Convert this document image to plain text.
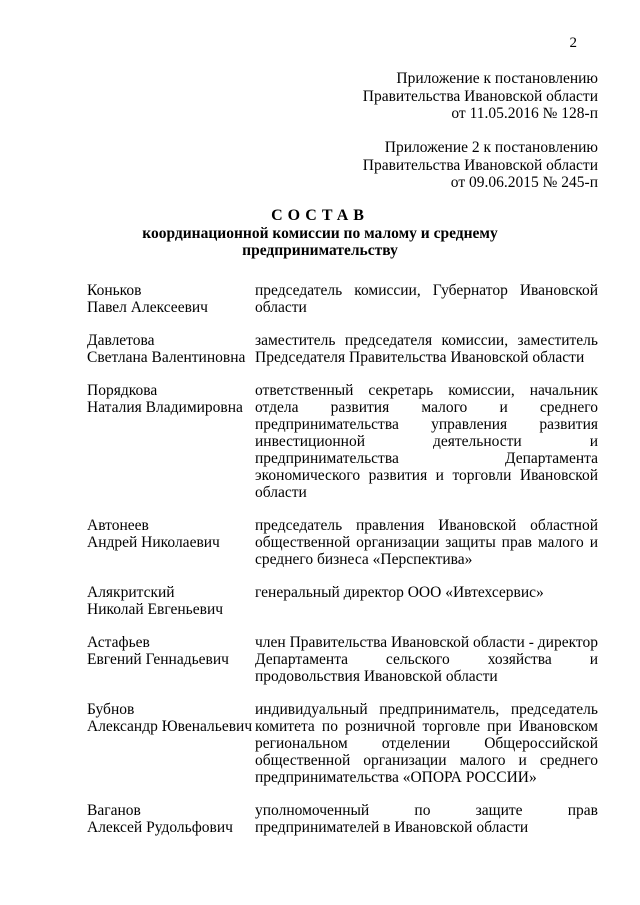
2
Приложение к постановлению
Правительства Ивановской области
от 11.05.2016 № 128-п
Приложение 2 к постановлению
Правительства Ивановской области
от 09.06.2015 № 245-п
СОСТАВ
координационной комиссии по малому и среднему
предпринимательству
Коньков
Павел Алексеевич
председатель комиссии, Губернатор Ивановской области
Давлетова
Светлана Валентиновна
заместитель председателя комиссии, заместитель Председателя Правительства Ивановской области
Порядкова
Наталия Владимировна
ответственный секретарь комиссии, начальник отдела развития малого и среднего предпринимательства управления развития инвестиционной деятельности и предпринимательства Департамента экономического развития и торговли Ивановской области
Автонеев
Андрей Николаевич
председатель правления Ивановской областной общественной организации защиты прав малого и среднего бизнеса «Перспектива»
Алякритский
Николай Евгеньевич
генеральный директор ООО «Ивтехсервис»
Астафьев
Евгений Геннадьевич
член Правительства Ивановской области - директор Департамента сельского хозяйства и продовольствия Ивановской области
Бубнов
Александр Ювенальевич
индивидуальный предприниматель, председатель комитета по розничной торговле при Ивановском региональном отделении Общероссийской общественной организации малого и среднего предпринимательства «ОПОРА РОССИИ»
Ваганов
Алексей Рудольфович
уполномоченный по защите прав предпринимателей в Ивановской области
